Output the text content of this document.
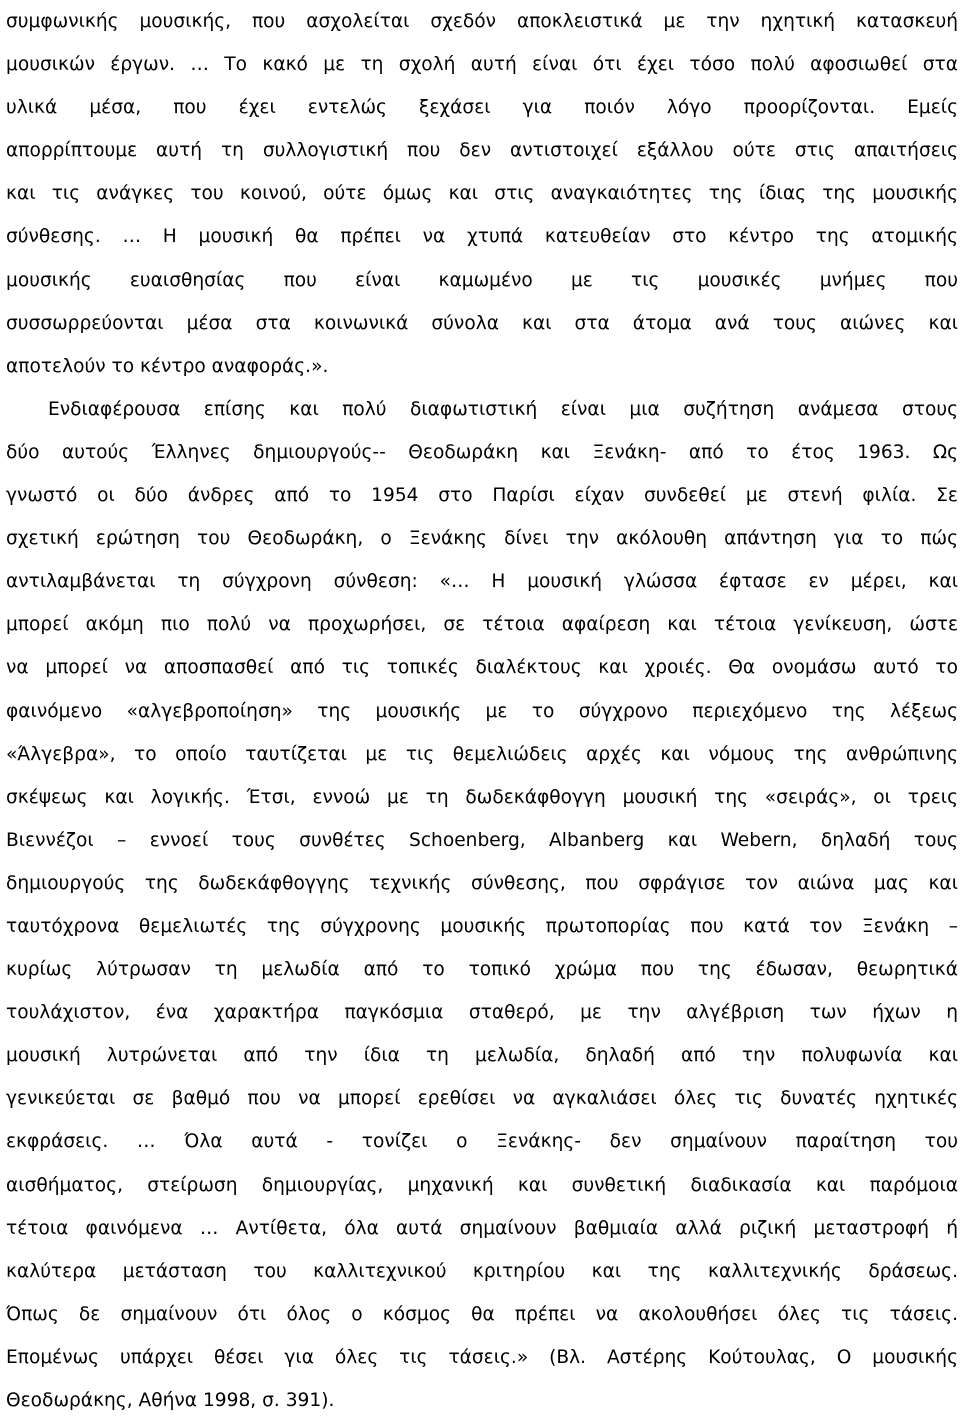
συμφωνικής μουσικής, που ασχολείται σχεδόν αποκλειστικά με την ηχητική κατασκευή
μουσικών έργων. … Το κακό με τη σχολή αυτή είναι ότι έχει τόσο πολύ αφοσιωθεί στα
υλικά μέσα, που έχει εντελώς ξεχάσει για ποιόν λόγο προορίζονται. Εμείς
απορρίπτουμε αυτή τη συλλογιστική που δεν αντιστοιχεί εξάλλου ούτε στις απαιτήσεις
και τις ανάγκες του κοινού, ούτε όμως και στις αναγκαιότητες της ίδιας της μουσικής
σύνθεσης. … Η μουσική θα πρέπει να χτυπά κατευθείαν στο κέντρο της ατομικής
μουσικής ευαισθησίας που είναι καμωμένο με τις μουσικές μνήμες που
συσσωρρεύονται μέσα στα κοινωνικά σύνολα και στα άτομα ανά τους αιώνες και
αποτελούν το κέντρο αναφοράς.».
Ενδιαφέρουσα επίσης και πολύ διαφωτιστική είναι μια συζήτηση ανάμεσα στους
δύο αυτούς Έλληνες δημιουργούς-- Θεοδωράκη και Ξενάκη- από το έτος 1963. Ως
γνωστό οι δύο άνδρες από το 1954 στο Παρίσι είχαν συνδεθεί με στενή φιλία. Σε
σχετική ερώτηση του Θεοδωράκη, ο Ξενάκης δίνει την ακόλουθη απάντηση για το πώς
αντιλαμβάνεται τη σύγχρονη σύνθεση: «… Η μουσική γλώσσα έφτασε εν μέρει, και
μπορεί ακόμη πιο πολύ να προχωρήσει, σε τέτοια αφαίρεση και τέτοια γενίκευση, ώστε
να μπορεί να αποσπασθεί από τις τοπικές διαλέκτους και χροιές. Θα ονομάσω αυτό το
φαινόμενο «αλγεβροποίηση» της μουσικής με το σύγχρονο περιεχόμενο της λέξεως
«Άλγεβρα», το οποίο ταυτίζεται με τις θεμελιώδεις αρχές και νόμους της ανθρώπινης
σκέψεως και λογικής. Έτσι, εννοώ με τη δωδεκάφθογγη μουσική της «σειράς», οι τρεις
Βιεννέζοι – εννοεί τους συνθέτες Schoenberg, Albanberg και Webern, δηλαδή τους
δημιουργούς της δωδεκάφθογγης τεχνικής σύνθεσης, που σφράγισε τον αιώνα μας και
ταυτόχρονα θεμελιωτές της σύγχρονης μουσικής πρωτοπορίας που κατά τον Ξενάκη –
κυρίως λύτρωσαν τη μελωδία από το τοπικό χρώμα που της έδωσαν, θεωρητικά
τουλάχιστον, ένα χαρακτήρα παγκόσμια σταθερό, με την αλγέβριση των ήχων η
μουσική λυτρώνεται από την ίδια τη μελωδία, δηλαδή από την πολυφωνία και
γενικεύεται σε βαθμό που να μπορεί ερεθίσει να αγκαλιάσει όλες τις δυνατές ηχητικές
εκφράσεις. … Όλα αυτά - τονίζει ο Ξενάκης- δεν σημαίνουν παραίτηση του
αισθήματος, στείρωση δημιουργίας, μηχανική και συνθετική διαδικασία και παρόμοια
τέτοια φαινόμενα … Αντίθετα, όλα αυτά σημαίνουν βαθμιαία αλλά ριζική μεταστροφή ή
καλύτερα μετάσταση του καλλιτεχνικού κριτηρίου και της καλλιτεχνικής δράσεως.
Όπως δε σημαίνουν ότι όλος ο κόσμος θα πρέπει να ακολουθήσει όλες τις τάσεις.
Επομένως υπάρχει θέσει για όλες τις τάσεις.» (Βλ. Αστέρης Κούτουλας, Ο μουσικής
Θεοδωράκης, Αθήνα 1998, σ. 391).
